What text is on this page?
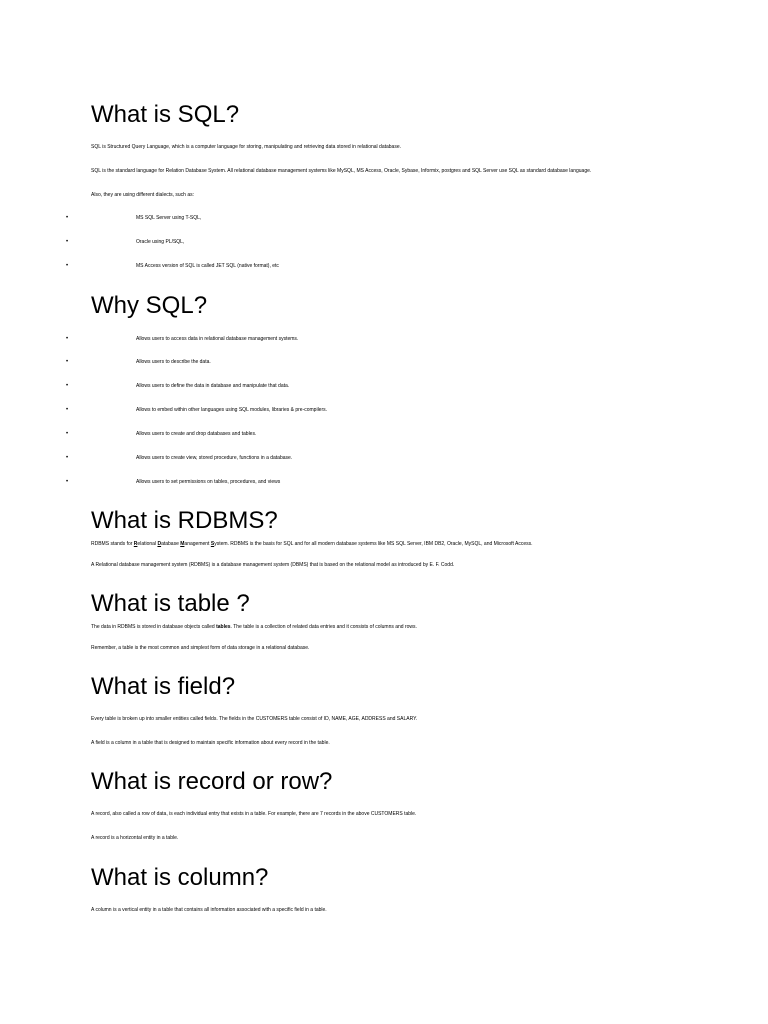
What is SQL?

SQL is Structured Query Language, which is a computer language for storing, manipulating and retrieving data stored in relational database.

SQL is the standard language for Relation Database System. All relational database management systems like MySQL, MS Access, Oracle, Sybase, Informix, postgres and SQL Server use SQL as standard database language.

Also, they are using different dialects, such as:

•	MS SQL Server using T-SQL,
•	Oracle using PL/SQL,
•	MS Access version of SQL is called JET SQL (native format), etc
Why SQL?
•	Allows users to access data in relational database management systems.
•	Allows users to describe the data.
•	Allows users to define the data in database and manipulate that data.
•	Allows to embed within other languages using SQL modules, libraries & pre-compilers.
•	Allows users to create and drop databases and tables.
•	Allows users to create view, stored procedure, functions in a database.
•	Allows users to set permissions on tables, procedures, and views
What is RDBMS?

RDBMS stands for Relational Database Management System. RDBMS is the basis for SQL and for all modern database systems like MS SQL Server, IBM DB2, Oracle, MySQL, and Microsoft Access.

A Relational database management system (RDBMS) is a database management system (DBMS) that is based on the relational model as introduced by E. F. Codd.

What is table ?

The data in RDBMS is stored in database objects called tables. The table is a collection of related data entries and it consists of columns and rows.

Remember, a table is the most common and simplest form of data storage in a relational database.

What is field?

Every table is broken up into smaller entities called fields. The fields in the CUSTOMERS table consist of ID, NAME, AGE, ADDRESS and SALARY.

A field is a column in a table that is designed to maintain specific information about every record in the table.

What is record or row?

A record, also called a row of data, is each individual entry that exists in a table. For example, there are 7 records in the above CUSTOMERS table.

A record is a horizontal entity in a table.

What is column?

A column is a vertical entity in a table that contains all information associated with a specific field in a table.
